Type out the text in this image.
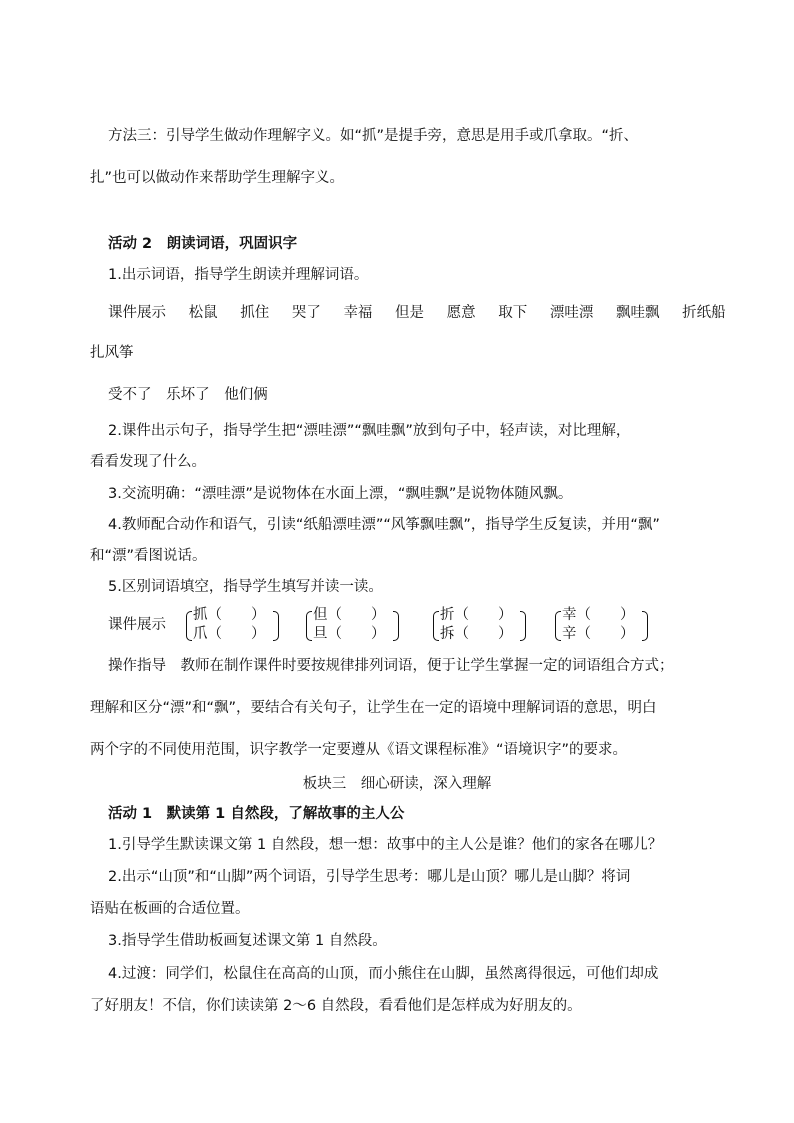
方法三：引导学生做动作理解字义。如“抓”是提手旁，意思是用手或爪拿取。“折、
扎”也可以做动作来帮助学生理解字义。
活动 2　朗读词语，巩固识字
1.出示词语，指导学生朗读并理解词语。
课件展示 松鼠 抓住 哭了 幸福 但是 愿意 取下 漂哇漂 飘哇飘 折纸船
扎风筝
受不了 乐坏了 他们俩
2.课件出示句子，指导学生把“漂哇漂”“飘哇飘”放到句子中，轻声读，对比理解，
看看发现了什么。
3.交流明确：“漂哇漂”是说物体在水面上漂，“飘哇飘”是说物体随风飘。
4.教师配合动作和语气，引读“纸船漂哇漂”“风筝飘哇飘”，指导学生反复读，并用“飘”
和“漂”看图说话。
5.区别词语填空，指导学生填写并读一读。
课件展示
抓（　　）
爪（　　）
但（　　）
旦（　　）
折（　　）
拆（　　）
幸（　　）
辛（　　）
操作指导　教师在制作课件时要按规律排列词语，便于让学生掌握一定的词语组合方式；
理解和区分“漂”和“飘”，要结合有关句子，让学生在一定的语境中理解词语的意思，明白
两个字的不同使用范围，识字教学一定要遵从《语文课程标准》“语境识字”的要求。
板块三　细心研读，深入理解
活动 1　默读第 1 自然段，了解故事的主人公
1.引导学生默读课文第 1 自然段，想一想：故事中的主人公是谁？他们的家各在哪儿？
2.出示“山顶”和“山脚”两个词语，引导学生思考：哪儿是山顶？哪儿是山脚？将词
语贴在板画的合适位置。
3.指导学生借助板画复述课文第 1 自然段。
4.过渡：同学们，松鼠住在高高的山顶，而小熊住在山脚，虽然离得很远，可他们却成
了好朋友！不信，你们读读第 2～6 自然段，看看他们是怎样成为好朋友的。
